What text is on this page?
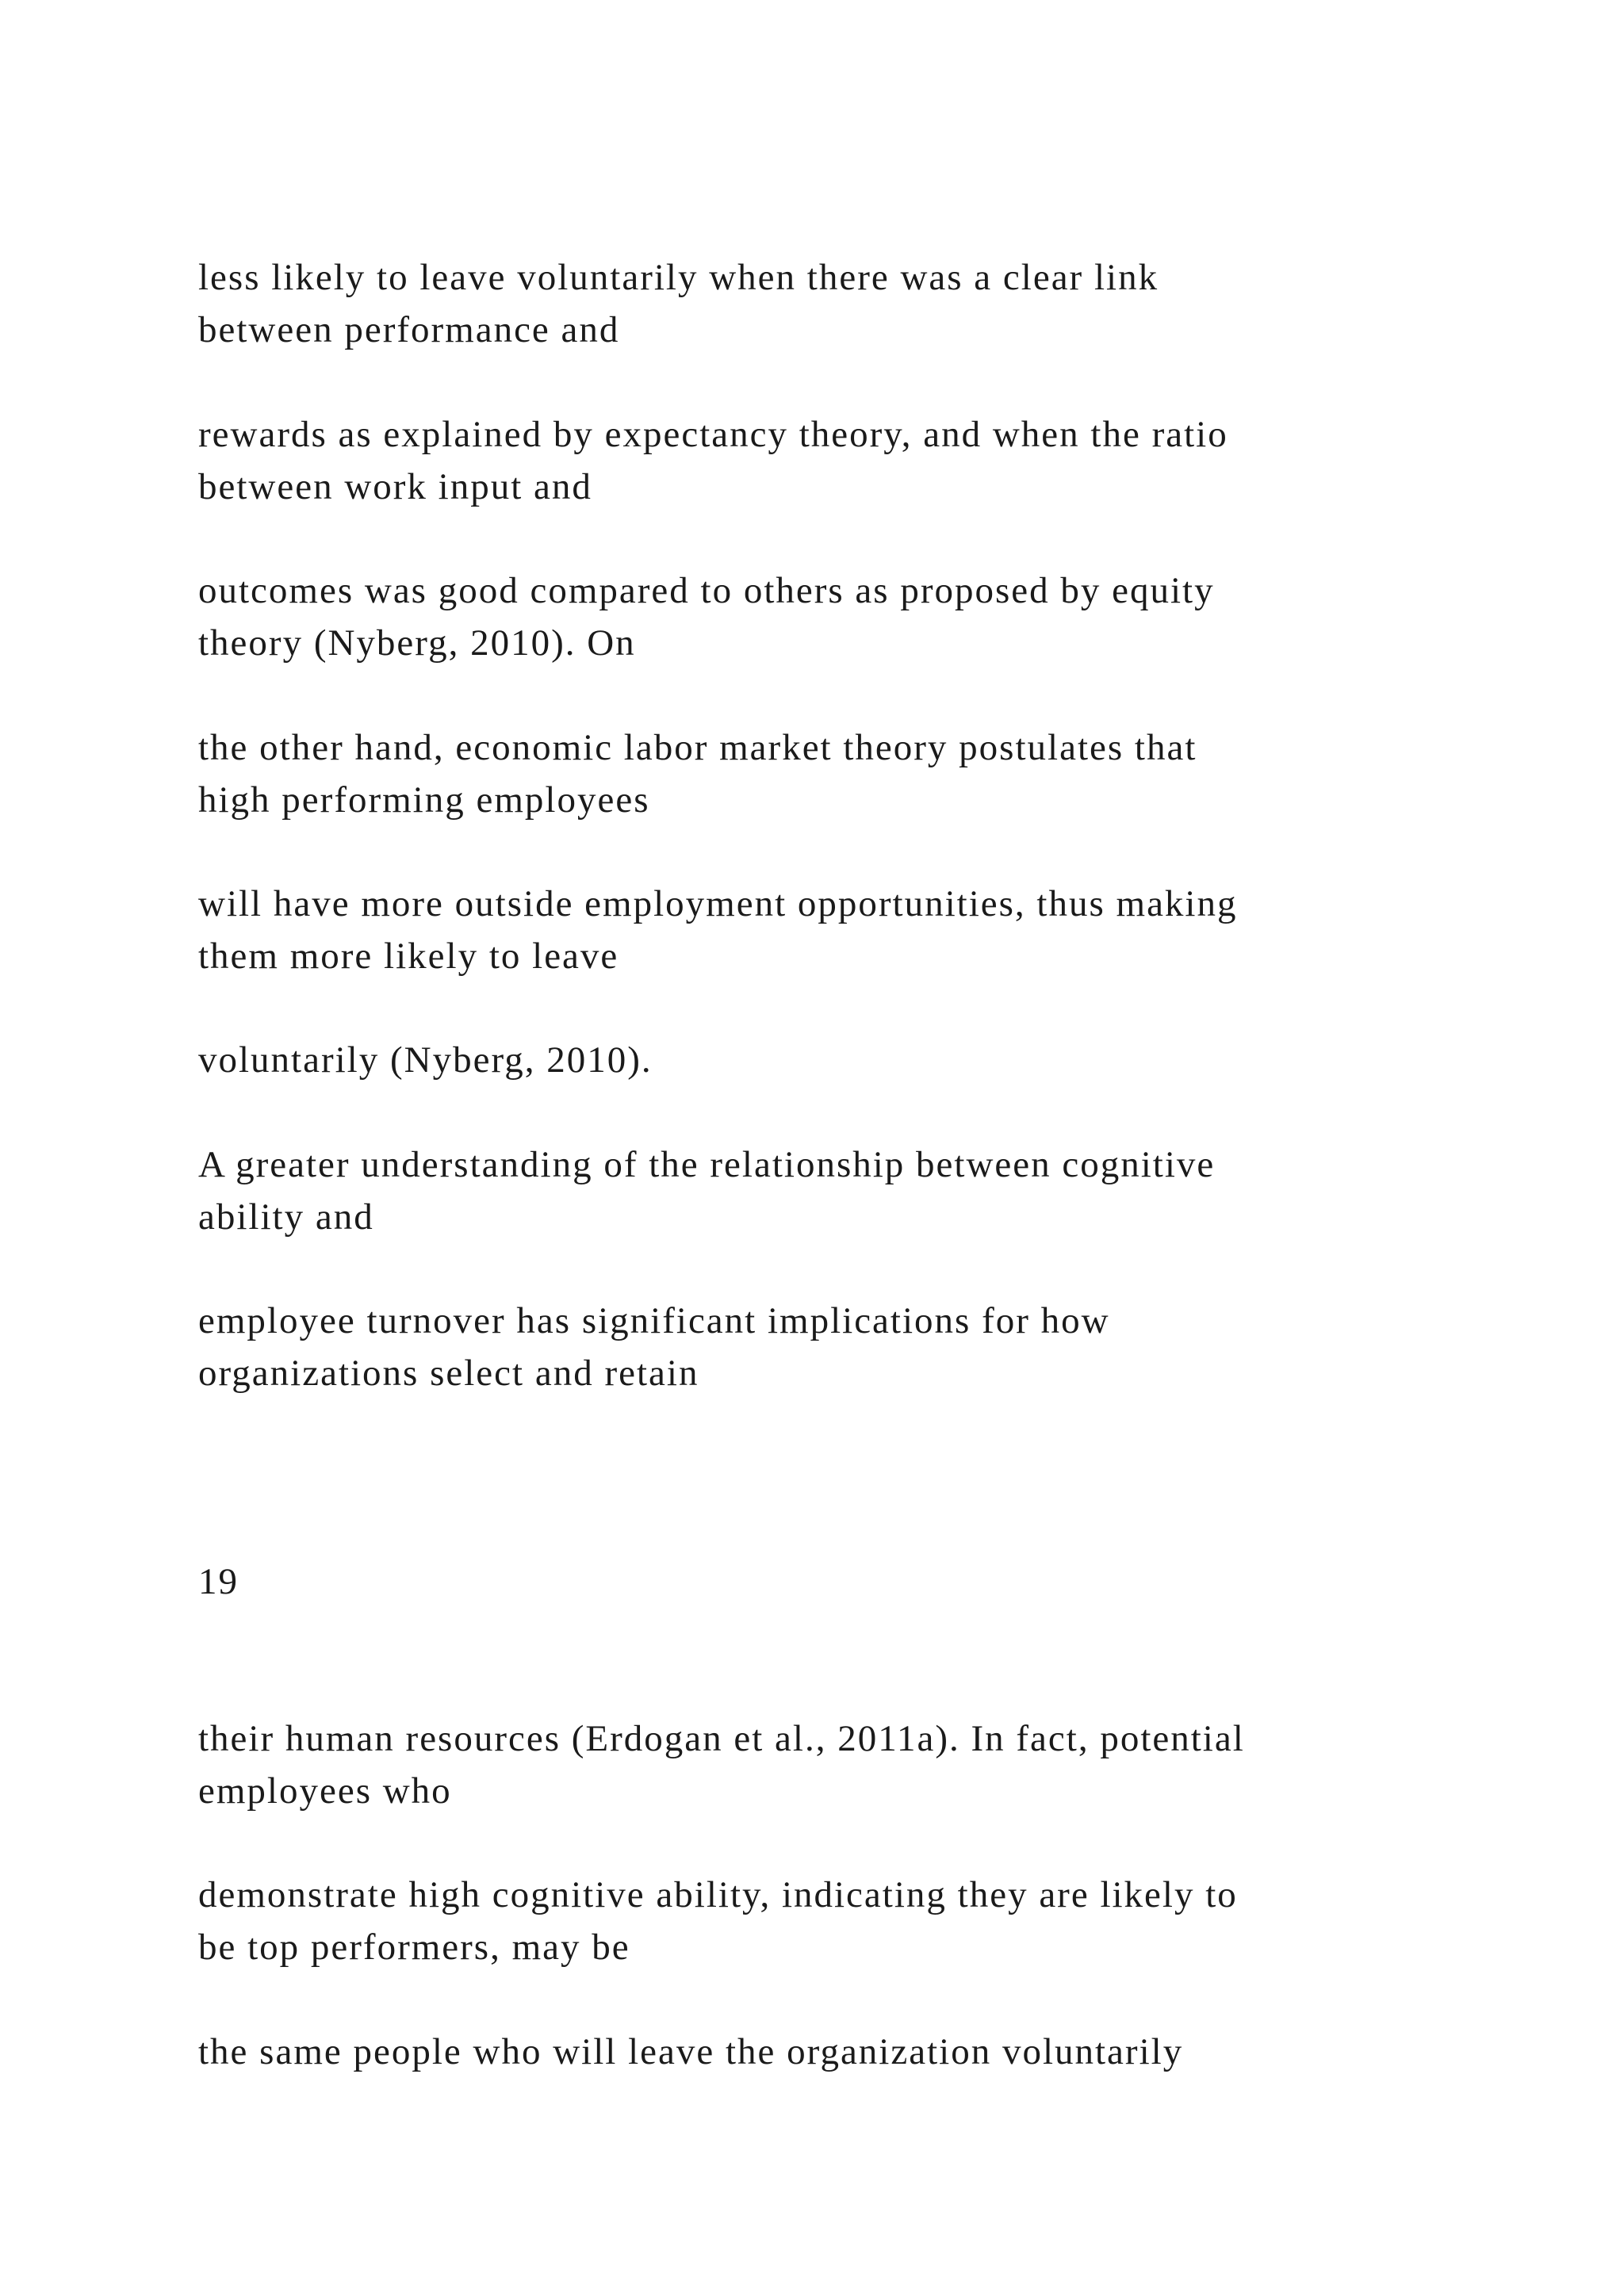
less likely to leave voluntarily when there was a clear link
between performance and

rewards as explained by expectancy theory, and when the ratio
between work input and

outcomes was good compared to others as proposed by equity
theory (Nyberg, 2010). On

the other hand, economic labor market theory postulates that
high performing employees

will have more outside employment opportunities, thus making
them more likely to leave

voluntarily (Nyberg, 2010).

A greater understanding of the relationship between cognitive
ability and

employee turnover has significant implications for how
organizations select and retain

19

their human resources (Erdogan et al., 2011a). In fact, potential
employees who

demonstrate high cognitive ability, indicating they are likely to
be top performers, may be

the same people who will leave the organization voluntarily
